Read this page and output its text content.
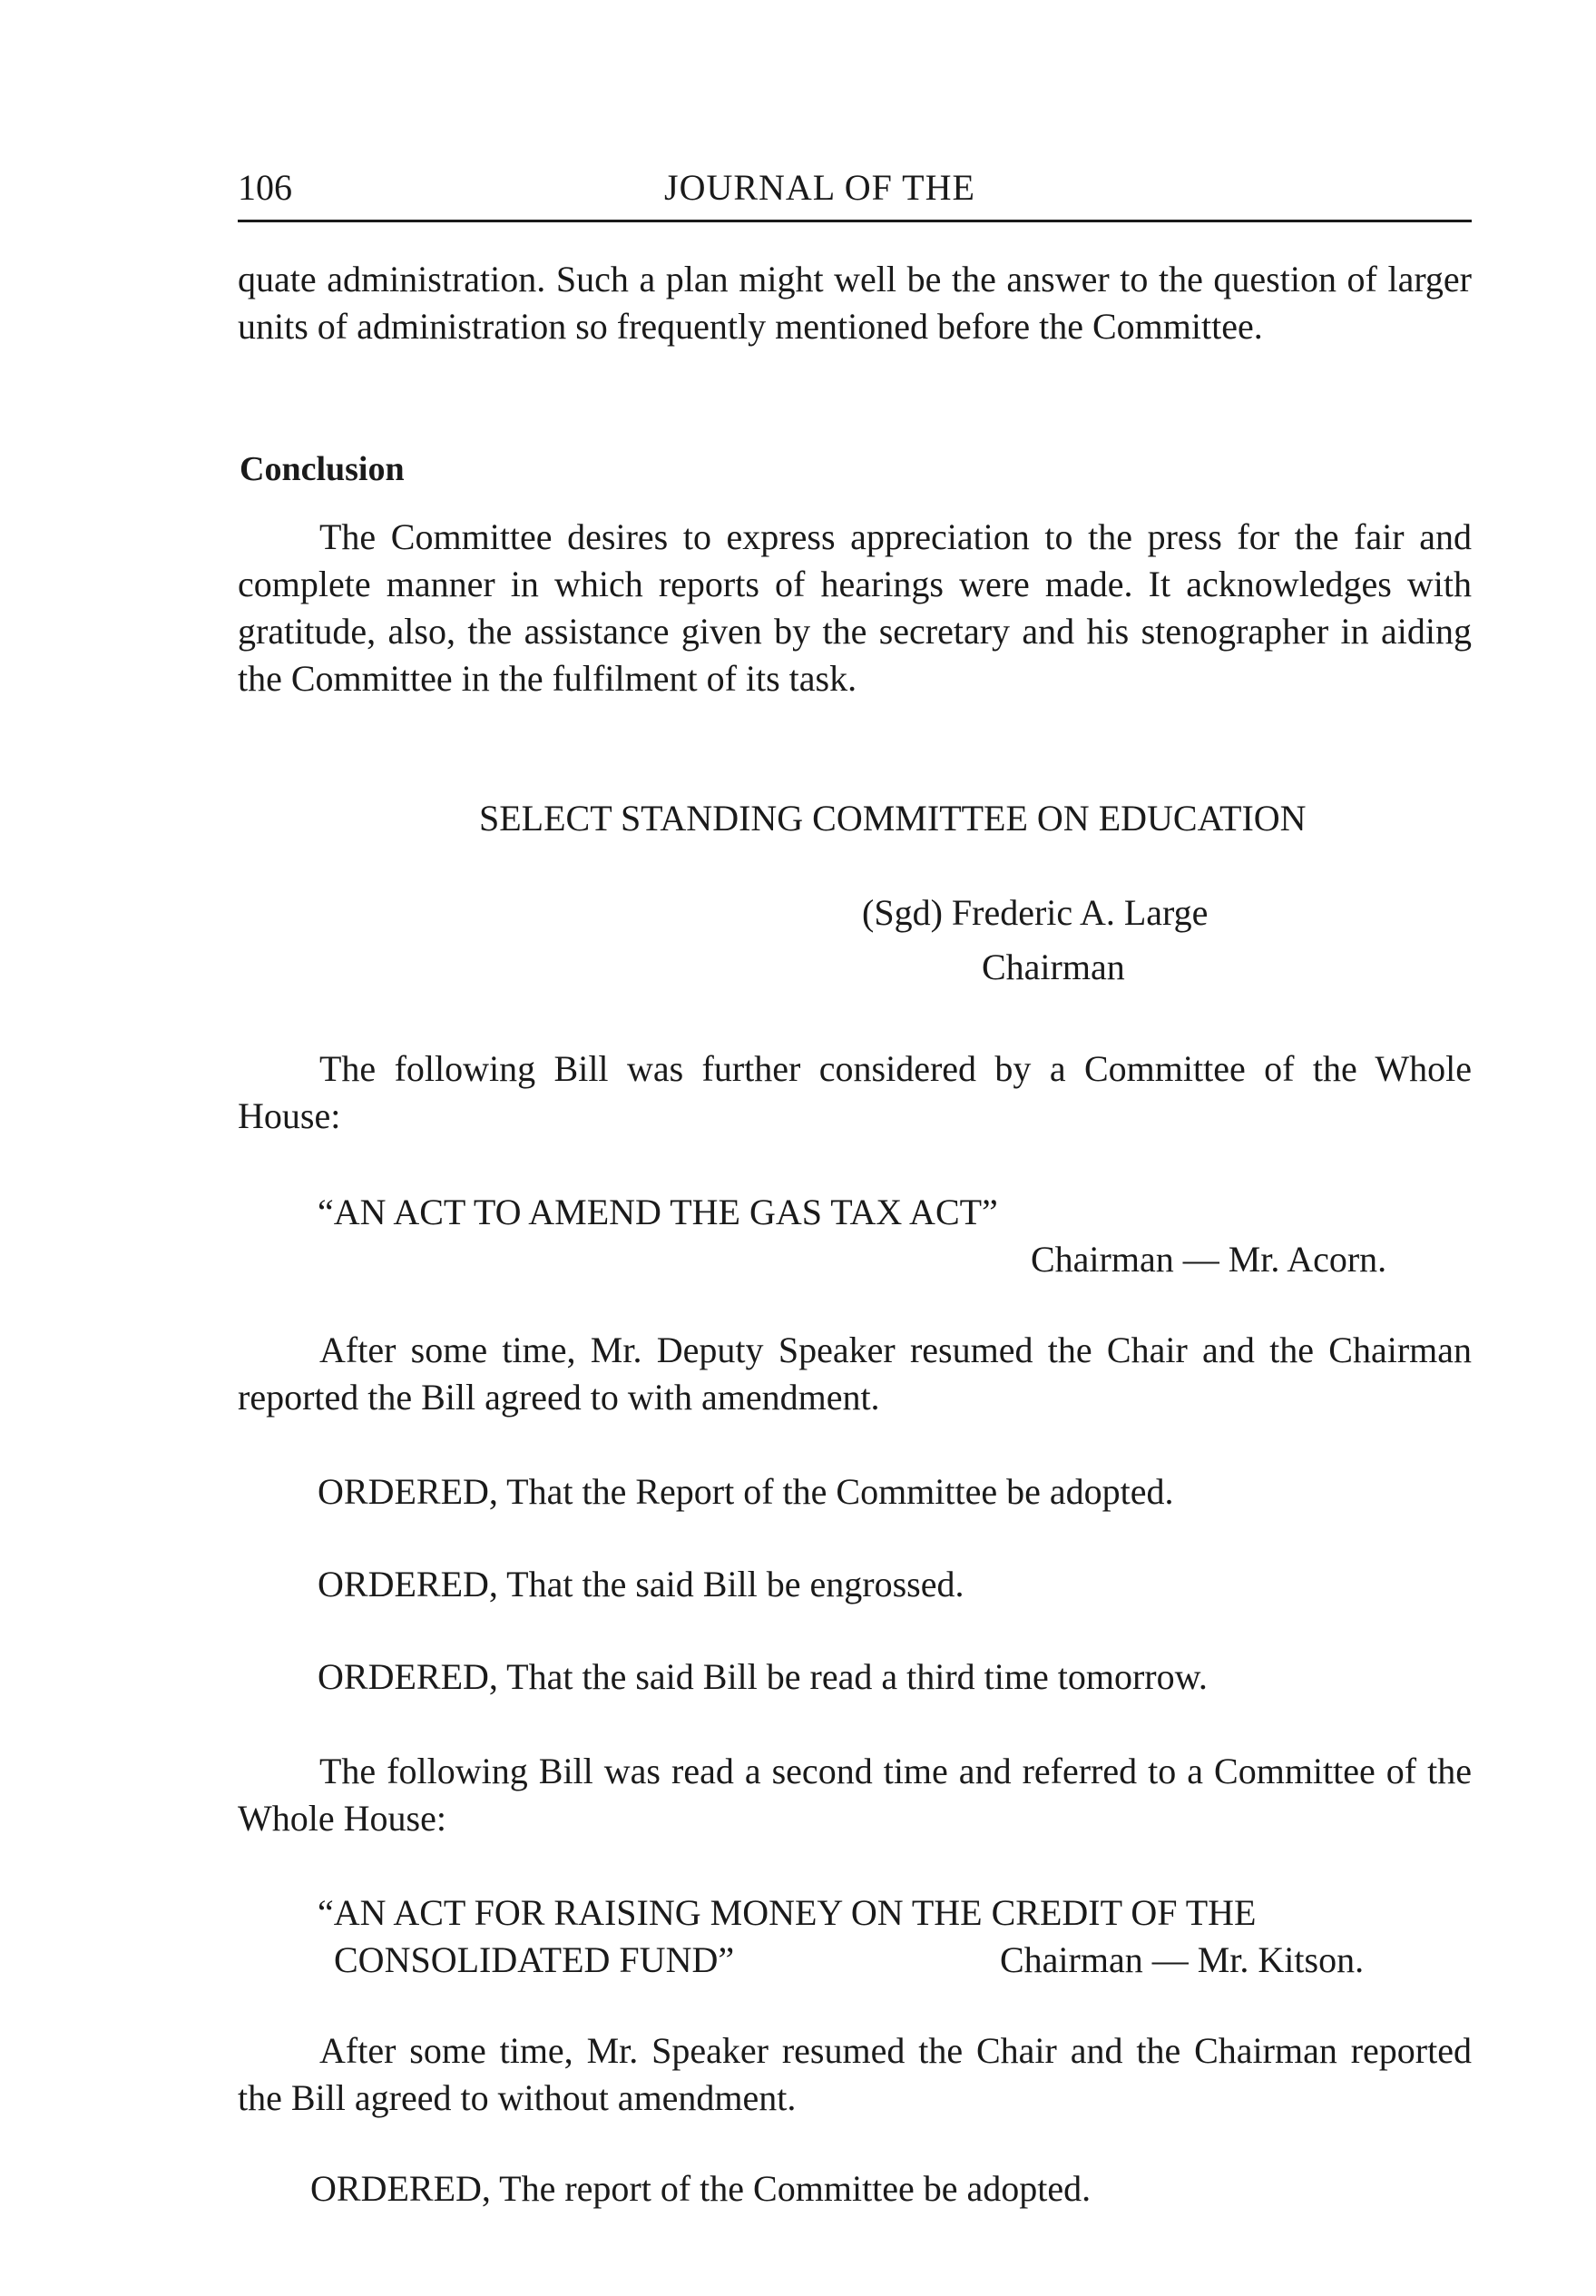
106	JOURNAL OF THE
quate administration. Such a plan might well be the answer to the question of larger units of administration so frequently mentioned before the Committee.
Conclusion
The Committee desires to express appreciation to the press for the fair and complete manner in which reports of hearings were made. It acknowledges with gratitude, also, the assistance given by the secretary and his stenographer in aiding the Committee in the fulfilment of its task.
SELECT STANDING COMMITTEE ON EDUCATION
(Sgd) Frederic A. Large
Chairman
The following Bill was further considered by a Committee of the Whole House:
“AN ACT TO AMEND THE GAS TAX ACT”
Chairman — Mr. Acorn.
After some time, Mr. Deputy Speaker resumed the Chair and the Chairman reported the Bill agreed to with amendment.
ORDERED, That the Report of the Committee be adopted.
ORDERED, That the said Bill be engrossed.
ORDERED, That the said Bill be read a third time tomorrow.
The following Bill was read a second time and referred to a Committee of the Whole House:
“AN ACT FOR RAISING MONEY ON THE CREDIT OF THE
CONSOLIDATED FUND”	Chairman — Mr. Kitson.
After some time, Mr. Speaker resumed the Chair and the Chairman reported the Bill agreed to without amendment.
ORDERED, The report of the Committee be adopted.
